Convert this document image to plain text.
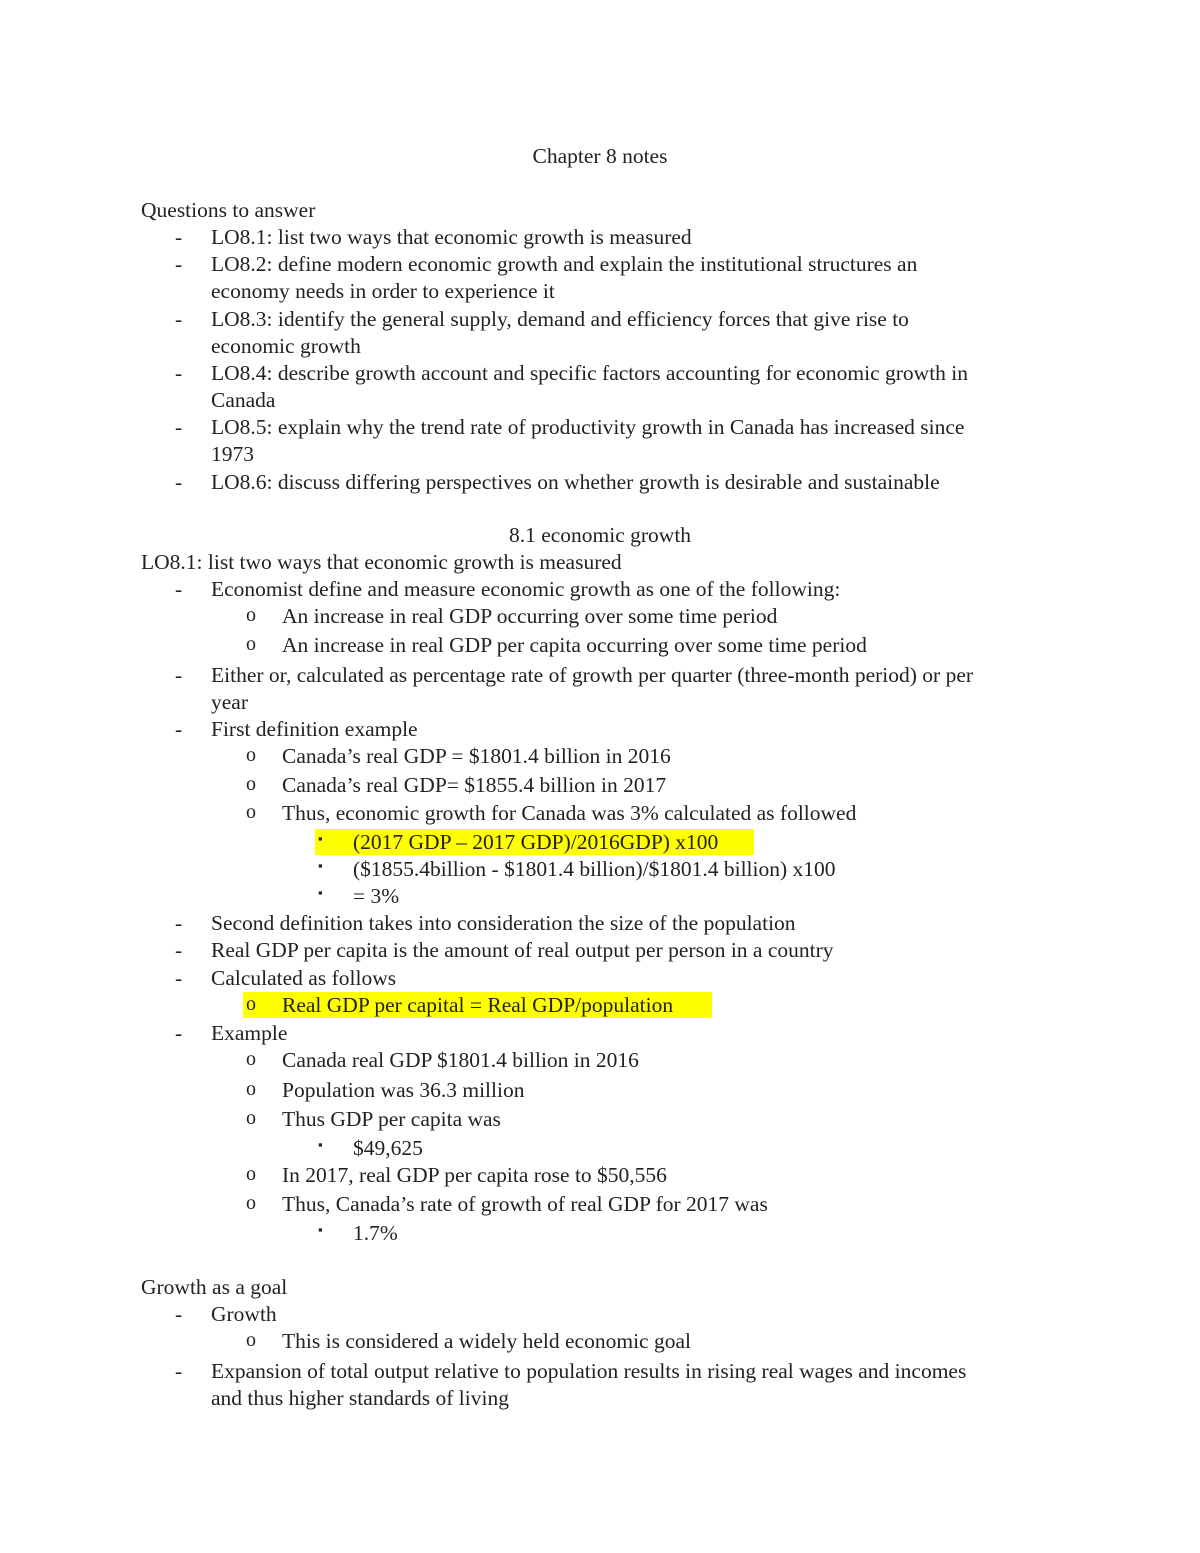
Chapter 8 notes
Questions to answer
- LO8.1: list two ways that economic growth is measured
- LO8.2: define modern economic growth and explain the institutional structures an
economy needs in order to experience it
- LO8.3: identify the general supply, demand and efficiency forces that give rise to
economic growth
- LO8.4: describe growth account and specific factors accounting for economic growth in
Canada
- LO8.5: explain why the trend rate of productivity growth in Canada has increased since
1973
- LO8.6: discuss differing perspectives on whether growth is desirable and sustainable
8.1 economic growth
LO8.1: list two ways that economic growth is measured
- Economist define and measure economic growth as one of the following:
o An increase in real GDP occurring over some time period
o An increase in real GDP per capita occurring over some time period
- Either or, calculated as percentage rate of growth per quarter (three-month period) or per
year
- First definition example
o Canada’s real GDP = $1801.4 billion in 2016
o Canada’s real GDP= $1855.4 billion in 2017
o Thus, economic growth for Canada was 3% calculated as followed
▪ (2017 GDP – 2017 GDP)/2016GDP) x100
▪ ($1855.4billion - $1801.4 billion)/$1801.4 billion) x100
▪ = 3%
- Second definition takes into consideration the size of the population
- Real GDP per capita is the amount of real output per person in a country
- Calculated as follows
o Real GDP per capital = Real GDP/population
- Example
o Canada real GDP $1801.4 billion in 2016
o Population was 36.3 million
o Thus GDP per capita was
▪ $49,625
o In 2017, real GDP per capita rose to $50,556
o Thus, Canada’s rate of growth of real GDP for 2017 was
▪ 1.7%
Growth as a goal
- Growth
o This is considered a widely held economic goal
- Expansion of total output relative to population results in rising real wages and incomes
and thus higher standards of living
